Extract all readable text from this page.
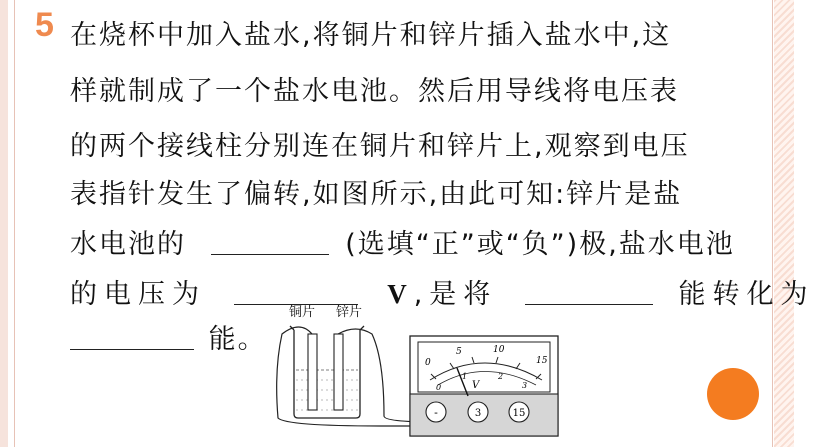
5 在烧杯中加入盐水,将铜片和锌片插入盐水中,这
样就制成了一个盐水电池。然后用导线将电压表
的两个接线柱分别连在铜片和锌片上,观察到电压
表指针发生了偏转,如图所示,由此可知:锌片是盐
水电池的	(选填“正”或“负”)极,盐水电池
的电压为	V,是将	能转化为
能。
铜片 锌片
0
5	10
15
0
1	2
3
V
-	3	15
